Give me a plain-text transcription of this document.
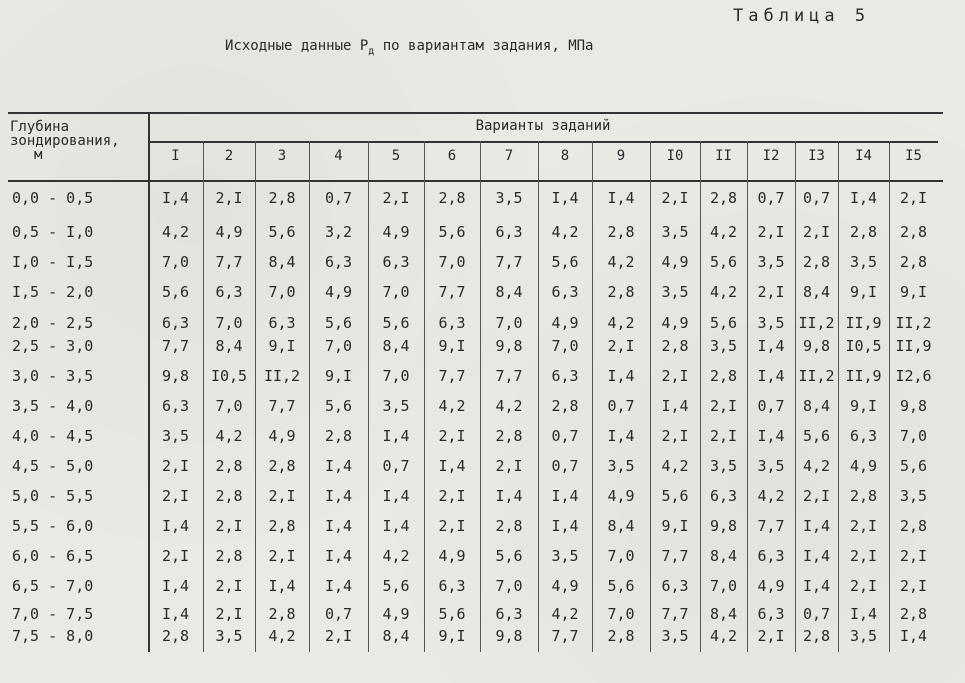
Таблица 5
Исходные данные $P_д$ по вариантам задания, МПа
Глубина
зондирования,
м
Варианты заданий
I	2	3	4	5	6	7	8	9	I0	II	I2	I3	I4	I5
0,0 - 0,5	I,4	2,I	2,8	0,7	2,I	2,8	3,5	I,4	I,4	2,I	2,8	0,7	0,7	I,4	2,I
0,5 - I,0	4,2	4,9	5,6	3,2	4,9	5,6	6,3	4,2	2,8	3,5	4,2	2,I	2,I	2,8	2,8
I,0 - I,5	7,0	7,7	8,4	6,3	6,3	7,0	7,7	5,6	4,2	4,9	5,6	3,5	2,8	3,5	2,8
I,5 - 2,0	5,6	6,3	7,0	4,9	7,0	7,7	8,4	6,3	2,8	3,5	4,2	2,I	8,4	9,I	9,I
2,0 - 2,5	6,3	7,0	6,3	5,6	5,6	6,3	7,0	4,9	4,2	4,9	5,6	3,5 II,2 II,9 II,2
2,5 - 3,0	7,7	8,4	9,I	7,0	8,4	9,I	9,8	7,0	2,I	2,8	3,5	I,4	9,8	I0,5 II,9
3,0 - 3,5	9,8	I0,5	II,2	9,I	7,0	7,7	7,7	6,3	I,4	2,I	2,8	I,4 II,2 II,9 I2,6
3,5 - 4,0	6,3	7,0	7,7	5,6	3,5	4,2	4,2	2,8	0,7	I,4	2,I	0,7	8,4	9,I	9,8
4,0 - 4,5	3,5	4,2	4,9	2,8	I,4	2,I	2,8	0,7	I,4	2,I	2,I	I,4	5,6	6,3	7,0
4,5 - 5,0	2,I	2,8	2,8	I,4	0,7	I,4	2,I	0,7	3,5	4,2	3,5	3,5	4,2	4,9	5,6
5,0 - 5,5	2,I	2,8	2,I	I,4	I,4	2,I	I,4	I,4	4,9	5,6	6,3	4,2	2,I	2,8	3,5
5,5 - 6,0	I,4	2,I	2,8	I,4	I,4	2,I	2,8	I,4	8,4	9,I	9,8	7,7	I,4	2,I	2,8
6,0 - 6,5	2,I	2,8	2,I	I,4	4,2	4,9	5,6	3,5	7,0	7,7	8,4	6,3	I,4	2,I	2,I
6,5 - 7,0	I,4	2,I	I,4	I,4	5,6	6,3	7,0	4,9	5,6	6,3	7,0	4,9	I,4	2,I	2,I
7,0 - 7,5	I,4	2,I	2,8	0,7	4,9	5,6	6,3	4,2	7,0	7,7	8,4	6,3	0,7	I,4	2,8
7,5 - 8,0	2,8	3,5	4,2	2,I	8,4	9,I	9,8	7,7	2,8	3,5	4,2	2,I	2,8	3,5	I,4
